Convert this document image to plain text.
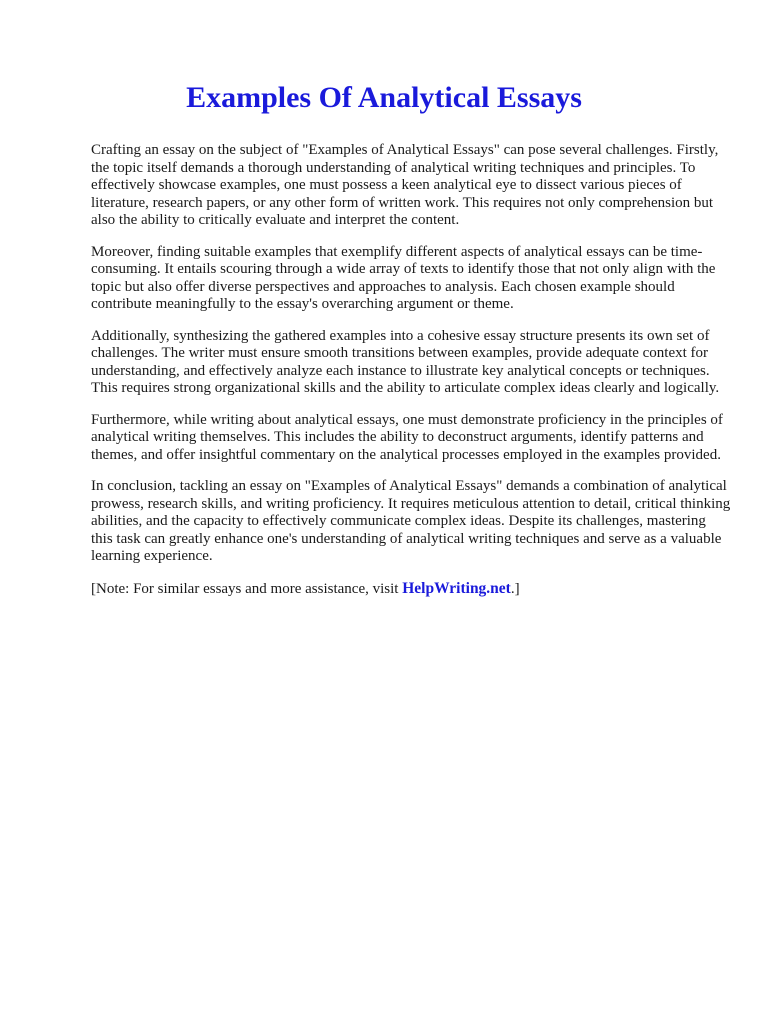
Examples Of Analytical Essays

Crafting an essay on the subject of "Examples of Analytical Essays" can pose several challenges. Firstly, the topic itself demands a thorough understanding of analytical writing techniques and principles. To effectively showcase examples, one must possess a keen analytical eye to dissect various pieces of literature, research papers, or any other form of written work. This requires not only comprehension but also the ability to critically evaluate and interpret the content.

Moreover, finding suitable examples that exemplify different aspects of analytical essays can be time-consuming. It entails scouring through a wide array of texts to identify those that not only align with the topic but also offer diverse perspectives and approaches to analysis. Each chosen example should contribute meaningfully to the essay's overarching argument or theme.

Additionally, synthesizing the gathered examples into a cohesive essay structure presents its own set of challenges. The writer must ensure smooth transitions between examples, provide adequate context for understanding, and effectively analyze each instance to illustrate key analytical concepts or techniques. This requires strong organizational skills and the ability to articulate complex ideas clearly and logically.

Furthermore, while writing about analytical essays, one must demonstrate proficiency in the principles of analytical writing themselves. This includes the ability to deconstruct arguments, identify patterns and themes, and offer insightful commentary on the analytical processes employed in the examples provided.

In conclusion, tackling an essay on "Examples of Analytical Essays" demands a combination of analytical prowess, research skills, and writing proficiency. It requires meticulous attention to detail, critical thinking abilities, and the capacity to effectively communicate complex ideas. Despite its challenges, mastering this task can greatly enhance one's understanding of analytical writing techniques and serve as a valuable learning experience.

[Note: For similar essays and more assistance, visit HelpWriting.net.]
